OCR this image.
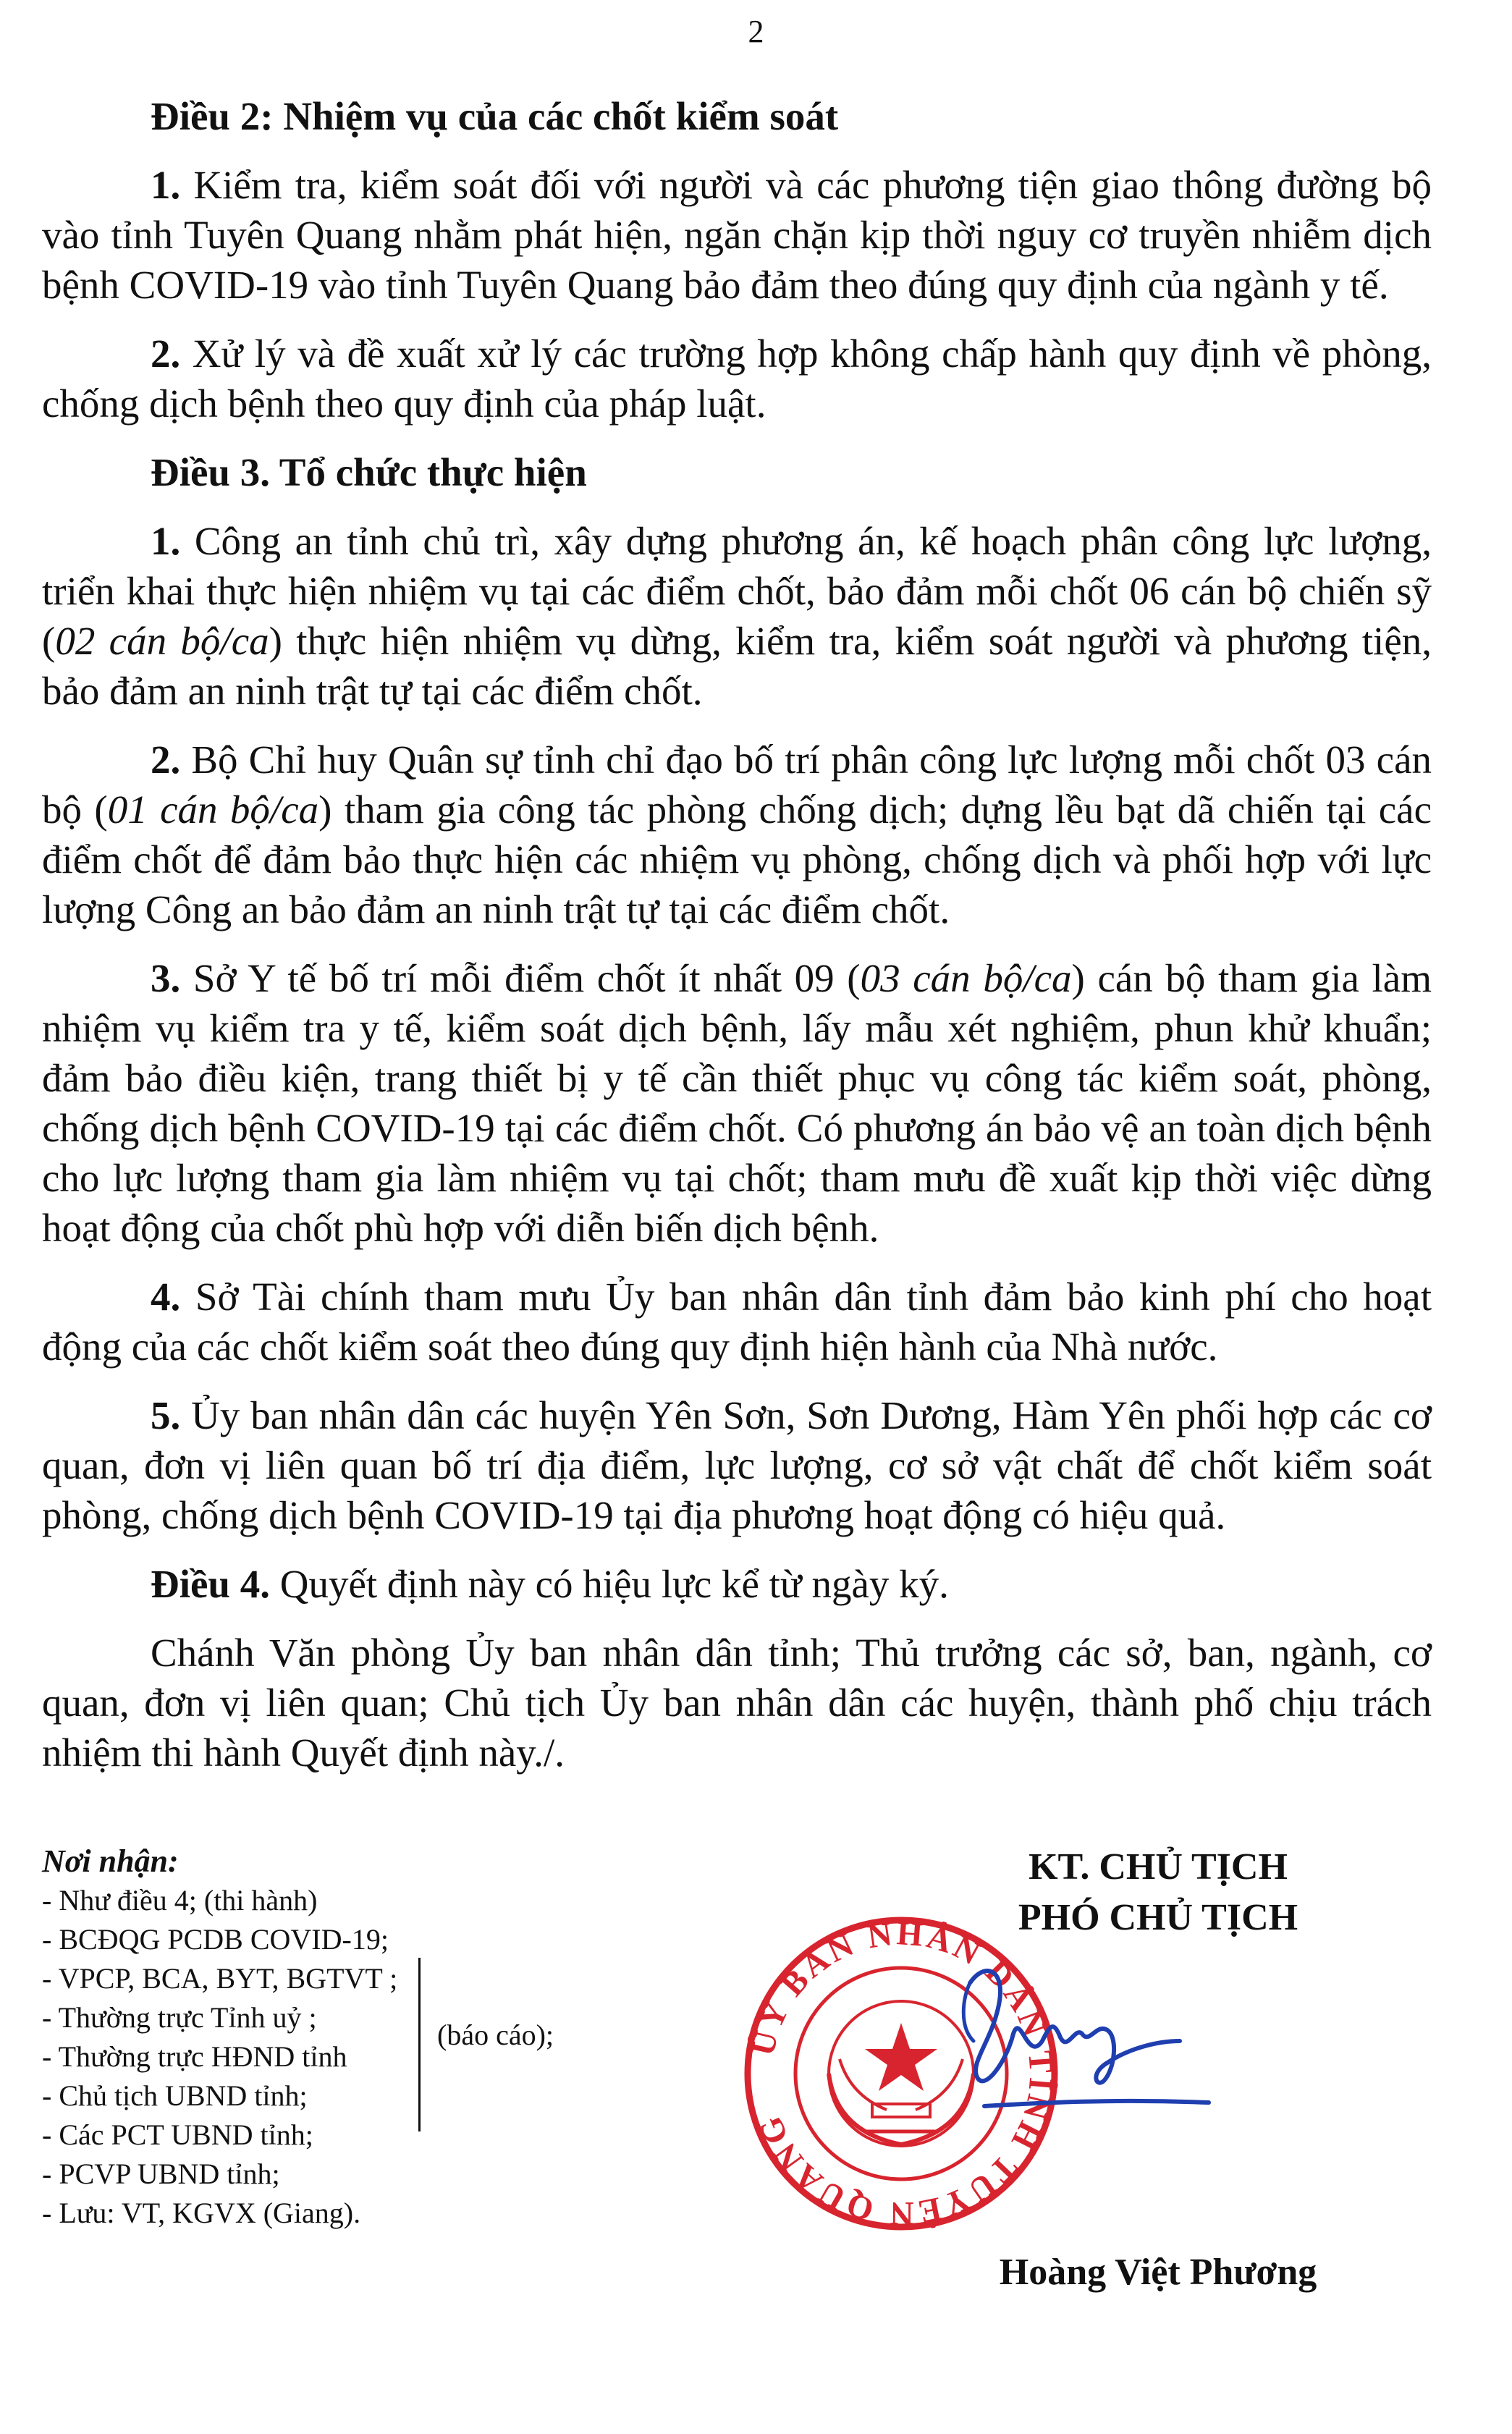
2

Điều 2: Nhiệm vụ của các chốt kiểm soát

1. Kiểm tra, kiểm soát đối với người và các phương tiện giao thông đường bộ vào tỉnh Tuyên Quang nhằm phát hiện, ngăn chặn kịp thời nguy cơ truyền nhiễm dịch bệnh COVID-19 vào tỉnh Tuyên Quang bảo đảm theo đúng quy định của ngành y tế.

2. Xử lý và đề xuất xử lý các trường hợp không chấp hành quy định về phòng, chống dịch bệnh theo quy định của pháp luật.

Điều 3. Tổ chức thực hiện

1. Công an tỉnh chủ trì, xây dựng phương án, kế hoạch phân công lực lượng, triển khai thực hiện nhiệm vụ tại các điểm chốt, bảo đảm mỗi chốt 06 cán bộ chiến sỹ (02 cán bộ/ca) thực hiện nhiệm vụ dừng, kiểm tra, kiểm soát người và phương tiện, bảo đảm an ninh trật tự tại các điểm chốt.

2. Bộ Chỉ huy Quân sự tỉnh chỉ đạo bố trí phân công lực lượng mỗi chốt 03 cán bộ (01 cán bộ/ca) tham gia công tác phòng chống dịch; dựng lều bạt dã chiến tại các điểm chốt để đảm bảo thực hiện các nhiệm vụ phòng, chống dịch và phối hợp với lực lượng Công an bảo đảm an ninh trật tự tại các điểm chốt.

3. Sở Y tế bố trí mỗi điểm chốt ít nhất 09 (03 cán bộ/ca) cán bộ tham gia làm nhiệm vụ kiểm tra y tế, kiểm soát dịch bệnh, lấy mẫu xét nghiệm, phun khử khuẩn; đảm bảo điều kiện, trang thiết bị y tế cần thiết phục vụ công tác kiểm soát, phòng, chống dịch bệnh COVID-19 tại các điểm chốt. Có phương án bảo vệ an toàn dịch bệnh cho lực lượng tham gia làm nhiệm vụ tại chốt; tham mưu đề xuất kịp thời việc dừng hoạt động của chốt phù hợp với diễn biến dịch bệnh.

4. Sở Tài chính tham mưu Ủy ban nhân dân tỉnh đảm bảo kinh phí cho hoạt động của các chốt kiểm soát theo đúng quy định hiện hành của Nhà nước.

5. Ủy ban nhân dân các huyện Yên Sơn, Sơn Dương, Hàm Yên phối hợp các cơ quan, đơn vị liên quan bố trí địa điểm, lực lượng, cơ sở vật chất để chốt kiểm soát phòng, chống dịch bệnh COVID-19 tại địa phương hoạt động có hiệu quả.

Điều 4. Quyết định này có hiệu lực kể từ ngày ký.

Chánh Văn phòng Ủy ban nhân dân tỉnh; Thủ trưởng các sở, ban, ngành, cơ quan, đơn vị liên quan; Chủ tịch Ủy ban nhân dân các huyện, thành phố chịu trách nhiệm thi hành Quyết định này./.

Nơi nhận:
- Như điều 4; (thi hành)
- BCĐQG PCDB COVID-19;
- VPCP, BCA, BYT, BGTVT ;
- Thường trực Tỉnh uỷ ;
- Thường trực HĐND tỉnh
- Chủ tịch UBND tỉnh;
- Các PCT UBND tỉnh;
- PCVP UBND tỉnh;
- Lưu: VT, KGVX (Giang).
(báo cáo);
KT. CHỦ TỊCH
PHÓ CHỦ TỊCH
ỦY BAN NHÂN DÂN TỈNH TUYÊN QUANG
Hoàng Việt Phương
